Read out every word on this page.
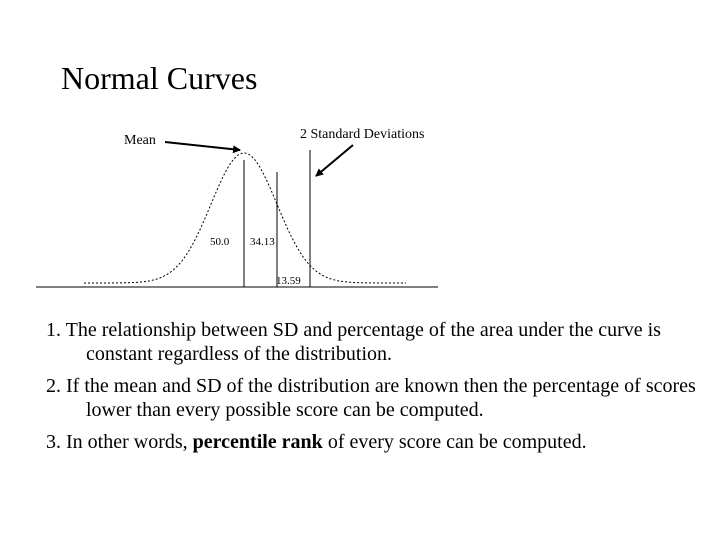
Normal Curves
Mean	2 Standard Deviations
50.0 34.13
13.59

1. The relationship between SD and percentage of the area under the curve is constant regardless of the distribution.

2. If the mean and SD of the distribution are known then the percentage of scores lower than every possible score can be computed.

3. In other words, percentile rank of every score can be computed.
